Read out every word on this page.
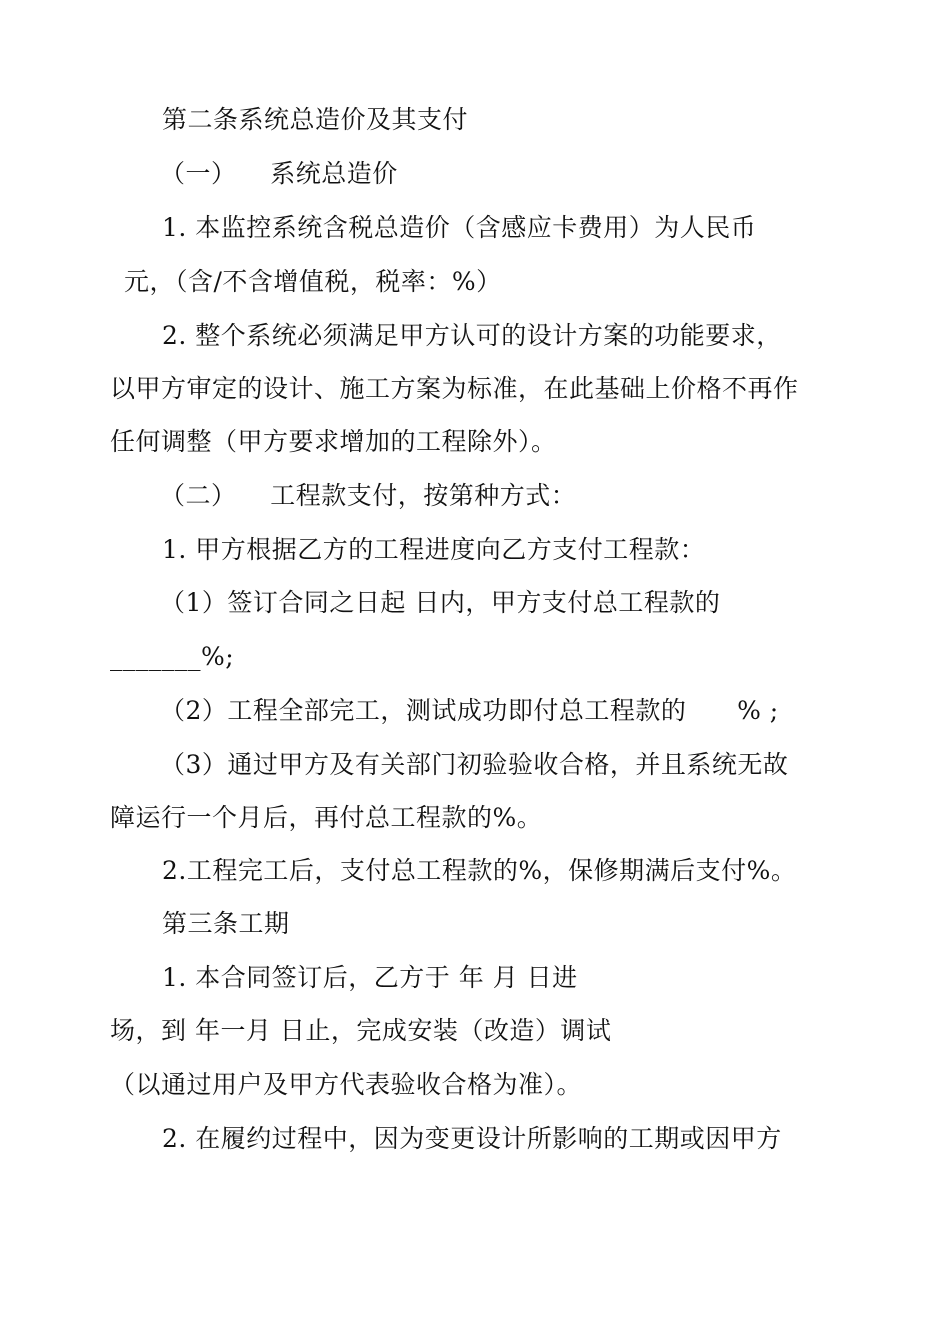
第二条系统总造价及其支付
（一）    系统总造价
1. 本监控系统含税总造价（含感应卡费用）为人民币
元，（含/不含增值税，税率：%）
2. 整个系统必须满足甲方认可的设计方案的功能要求，
以甲方审定的设计、施工方案为标准，在此基础上价格不再作
任何调整（甲方要求增加的工程除外）。
（二）    工程款支付，按第种方式：
1. 甲方根据乙方的工程进度向乙方支付工程款：
（1）签订合同之日起 日内，甲方支付总工程款的
_______%;
（2）工程全部完工，测试成功即付总工程款的      % ;
（3）通过甲方及有关部门初验验收合格，并且系统无故
障运行一个月后，再付总工程款的%。
2.工程完工后，支付总工程款的%，保修期满后支付%。
第三条工期
1. 本合同签订后，乙方于 年 月 日进
场，到 年一月 日止，完成安装（改造）调试
（以通过用户及甲方代表验收合格为准）。
2. 在履约过程中，因为变更设计所影响的工期或因甲方
